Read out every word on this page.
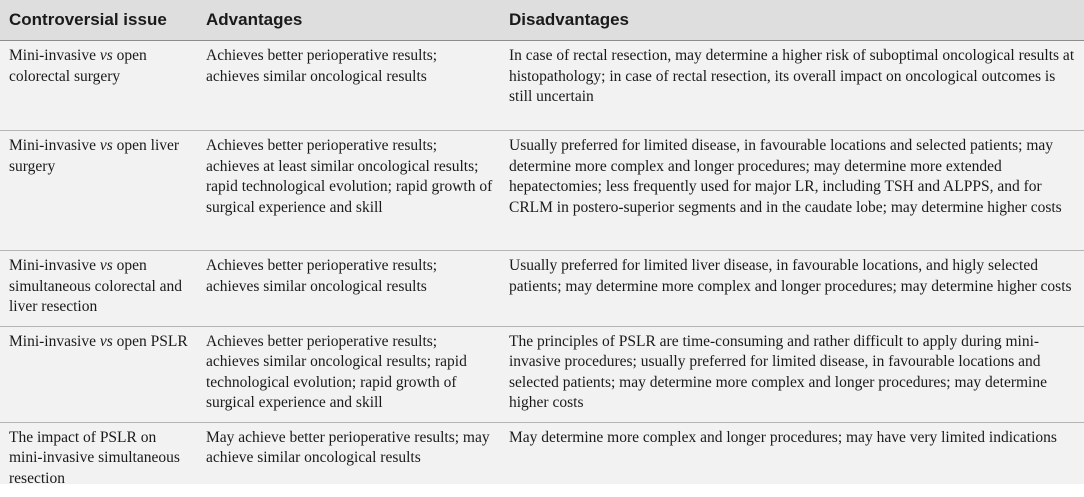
Controversial issue	Advantages	Disadvantages
Mini-invasive vs open colorectal surgery	Achieves better perioperative results; achieves similar oncological results	In case of rectal resection, may determine a higher risk of suboptimal oncological results at histopathology; in case of rectal resection, its overall impact on oncological outcomes is still uncertain
Mini-invasive vs open liver surgery	Achieves better perioperative results; achieves at least similar oncological results; rapid technological evolution; rapid growth of surgical experience and skill	Usually preferred for limited disease, in favourable locations and selected patients; may determine more complex and longer procedures; may determine more extended hepatectomies; less frequently used for major LR, including TSH and ALPPS, and for CRLM in postero-superior segments and in the caudate lobe; may determine higher costs
Mini-invasive vs open simultaneous colorectal and liver resection	Achieves better perioperative results; achieves similar oncological results	Usually preferred for limited liver disease, in favourable locations, and higly selected patients; may determine more complex and longer procedures; may determine higher costs
Mini-invasive vs open PSLR	Achieves better perioperative results; achieves similar oncological results; rapid technological evolution; rapid growth of surgical experience and skill	The principles of PSLR are time-consuming and rather difficult to apply during mini-invasive procedures; usually preferred for limited disease, in favourable locations and selected patients; may determine more complex and longer procedures; may determine higher costs
The impact of PSLR on mini-invasive simultaneous resection	May achieve better perioperative results; may achieve similar oncological results	May determine more complex and longer procedures; may have very limited indications
